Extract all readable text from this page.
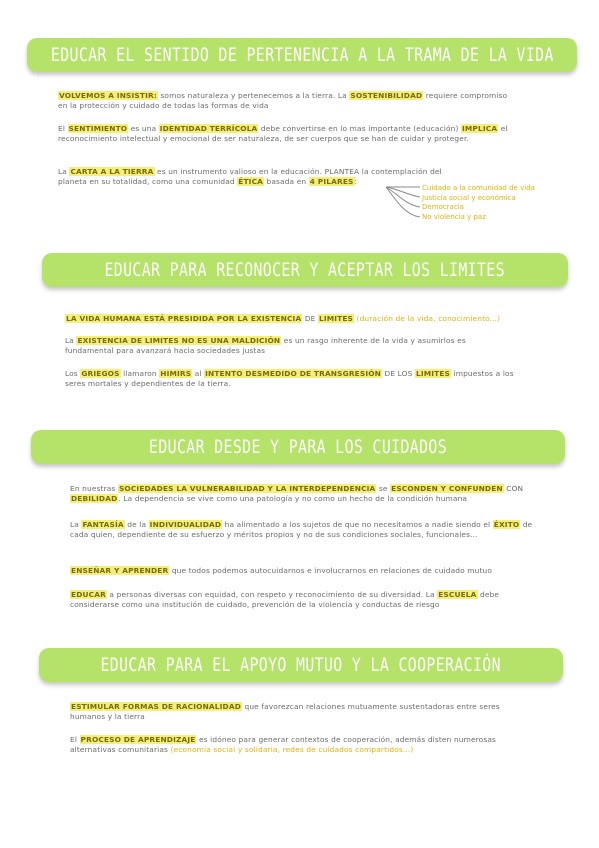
EDUCAR EL SENTIDO DE PERTENENCIA A LA TRAMA DE LA VIDA
VOLVEMOS A INSISTIR: somos naturaleza y pertenecemos a la tierra. La SOSTENIBILIDAD requiere compromiso en la protección y cuidado de todas las formas de vida
El SENTIMIENTO es una IDENTIDAD TERRÍCOLA debe convertirse en lo mas importante (educación) IMPLICA el reconocimiento intelectual y emocional de ser naturaleza, de ser cuerpos que se han de cuidar y proteger.
La CARTA A LA TIERRA es un instrumento valioso en la educación. PLANTEA la contemplación del planeta en su totalidad, como una comunidad ÉTICA basada en 4 PILARES:
Cuidado a la comunidad de vida
Justicia social y económica
Democracia
No violencia y paz
EDUCAR PARA RECONOCER Y ACEPTAR LOS LIMITES
LA VIDA HUMANA ESTÁ PRESIDIDA POR LA EXISTENCIA DE LIMITES (duración de la vida, conocimiento...)
La EXISTENCIA DE LIMITES NO ES UNA MALDICIÓN es un rasgo inherente de la vida y asumirlos es fundamental para avanzará hacia sociedades justas
Los GRIEGOS llamaron HIMIRS al INTENTO DESMEDIDO DE TRANSGRESIÓN DE LOS LIMITES impuestos a los seres mortales y dependientes de la tierra.
EDUCAR DESDE Y PARA LOS CUIDADOS
En nuestras SOCIEDADES LA VULNERABILIDAD Y LA INTERDEPENDENCIA se ESCONDEN Y CONFUNDEN CON DEBILIDAD. La dependencia se vive como una patología y no como un hecho de la condición humana
La FANTASÍA de la INDIVIDUALIDAD ha alimentado a los sujetos de que no necesitamos a nadie siendo el ÉXITO de cada quien, dependiente de su esfuerzo y méritos propios y no de sus condiciones sociales, funcionales...
ENSEÑAR Y APRENDER que todos podemos autocuidarnos e involucrarnos en relaciones de cuidado mutuo
EDUCAR a personas diversas con equidad, con respeto y reconocimiento de su diversidad. La ESCUELA debe considerarse como una institución de cuidado, prevención de la violencia y conductas de riesgo
EDUCAR PARA EL APOYO MUTUO Y LA COOPERACIÓN
ESTIMULAR FORMAS DE RACIONALIDAD que favorezcan relaciones mutuamente sustentadoras entre seres humanos y la tierra
El PROCESO DE APRENDIZAJE es idóneo para generar contextos de cooperación, además disten numerosas alternativas comunitarias (economía social y solidaria, redes de cuidados compartidos...)
